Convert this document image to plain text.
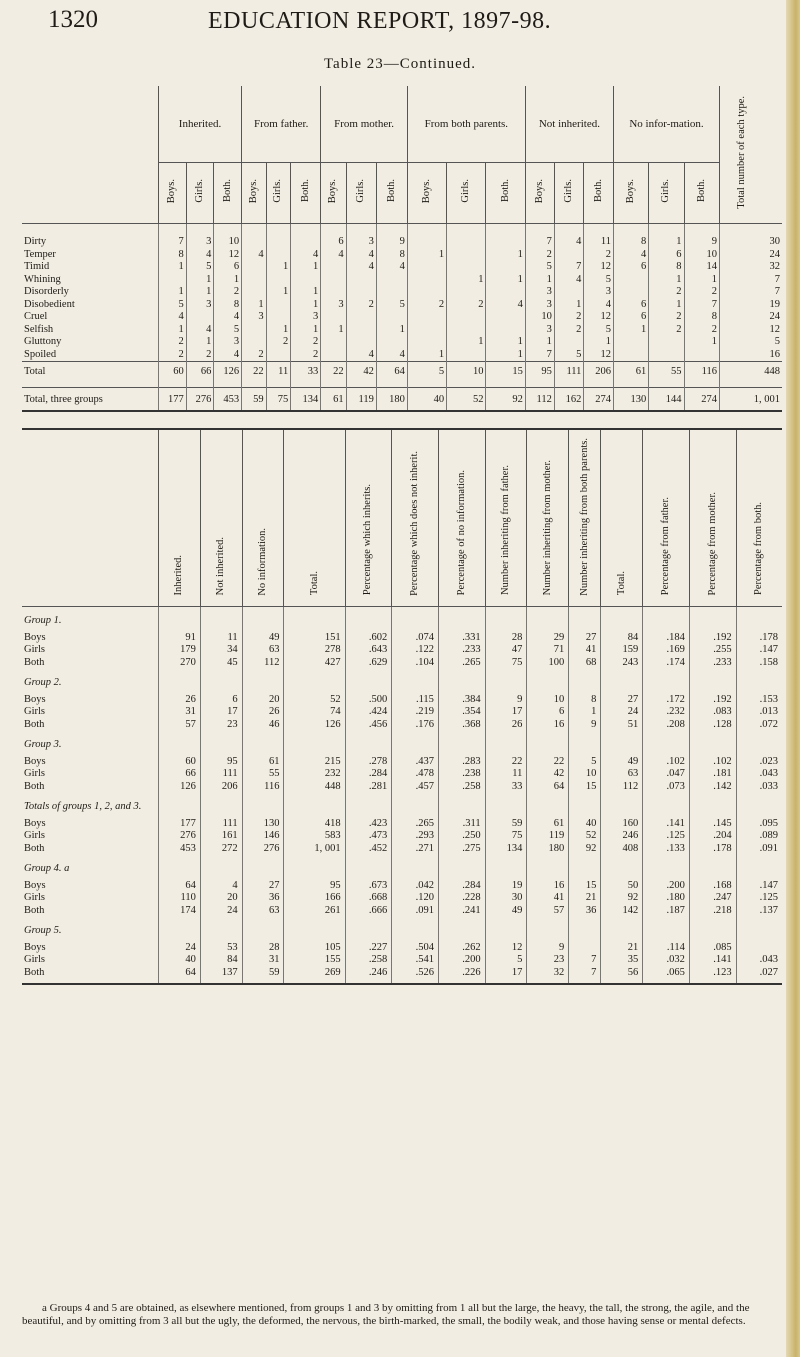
1320	EDUCATION REPORT, 1897-98.
Table 23—Continued.
	Inherited.			From father.			From mother.			From both parents.			Not inherited.			No infor-mation.			Total number of each type.
	Boys.	Girls.	Both.	Boys.	Girls.	Both.	Boys.	Girls.	Both.	Boys.	Girls.	Both.	Boys.	Girls.	Both.	Boys.	Girls.	Both.	
Dirty	7	3	10				6	3	9				7	4	11	8	1	9	30
Temper	8	4	12	4		4	4	4	8	1		1	2		2	4	6	10	24
Timid	1	5	6		1	1		4	4				5	7	12	6	8	14	32
Whining		1	1								1	1	1	4	5		1	1	7
Disorderly	1	1	2		1	1							3		3		2	2	7
Disobedient	5	3	8	1		1	3	2	5	2	2	4	3	1	4	6	1	7	19
Cruel	4		4	3		3							10	2	12	6	2	8	24
Selfish	1	4	5		1	1	1		1				3	2	5	1	2	2	12
Gluttony	2	1	3		2	2					1	1	1		1			1	5
Spoiled	2	2	4	2		2		4	4	1		1	7	5	12				16
Total	60	66	126	22	11	33	22	42	64	5	10	15	95	111	206	61	55	116	448
Total, three groups	177	276	453	59	75	134	61	119	180	40	52	92	112	162	274	130	144	274	1, 001
	Inherited.	Not inherited.	No information.	Total.	Percentage which inherits.	Percentage which does not inherit.	Percentage of no information.	Number inheriting from father.	Number inheriting from mother.	Number inheriting from both parents.	Total.	Percentage from father.	Percentage from mother.	Percentage from both.
Group 1.														
Boys	91	11	49	151	.602	.074	.331	28	29	27	84	.184	.192	.178
Girls	179	34	63	278	.643	.122	.233	47	71	41	159	.169	.255	.147
Both	270	45	112	427	.629	.104	.265	75	100	68	243	.174	.233	.158
Group 2.														
Boys	26	6	20	52	.500	.115	.384	9	10	8	27	.172	.192	.153
Girls	31	17	26	74	.424	.219	.354	17	6	1	24	.232	.083	.013
Both	57	23	46	126	.456	.176	.368	26	16	9	51	.208	.128	.072
Group 3.														
Boys	60	95	61	215	.278	.437	.283	22	22	5	49	.102	.102	.023
Girls	66	111	55	232	.284	.478	.238	11	42	10	63	.047	.181	.043
Both	126	206	116	448	.281	.457	.258	33	64	15	112	.073	.142	.033
Totals of groups 1, 2, and 3.														
Boys	177	111	130	418	.423	.265	.311	59	61	40	160	.141	.145	.095
Girls	276	161	146	583	.473	.293	.250	75	119	52	246	.125	.204	.089
Both	453	272	276	1, 001	.452	.271	.275	134	180	92	408	.133	.178	.091
Group 4. a														
Boys	64	4	27	95	.673	.042	.284	19	16	15	50	.200	.168	.147
Girls	110	20	36	166	.668	.120	.228	30	41	21	92	.180	.247	.125
Both	174	24	63	261	.666	.091	.241	49	57	36	142	.187	.218	.137
Group 5.														
Boys	24	53	28	105	.227	.504	.262	12	9		21	.114	.085	
Girls	40	84	31	155	.258	.541	.200	5	23	7	35	.032	.141	.043
Both	64	137	59	269	.246	.526	.226	17	32	7	56	.065	.123	.027
a Groups 4 and 5 are obtained, as elsewhere mentioned, from groups 1 and 3 by omitting from 1 all but the large, the heavy, the tall, the strong, the agile, and the beautiful, and by omitting from 3 all but the ugly, the deformed, the nervous, the birth-marked, the small, the bodily weak, and those having sense or mental defects.
